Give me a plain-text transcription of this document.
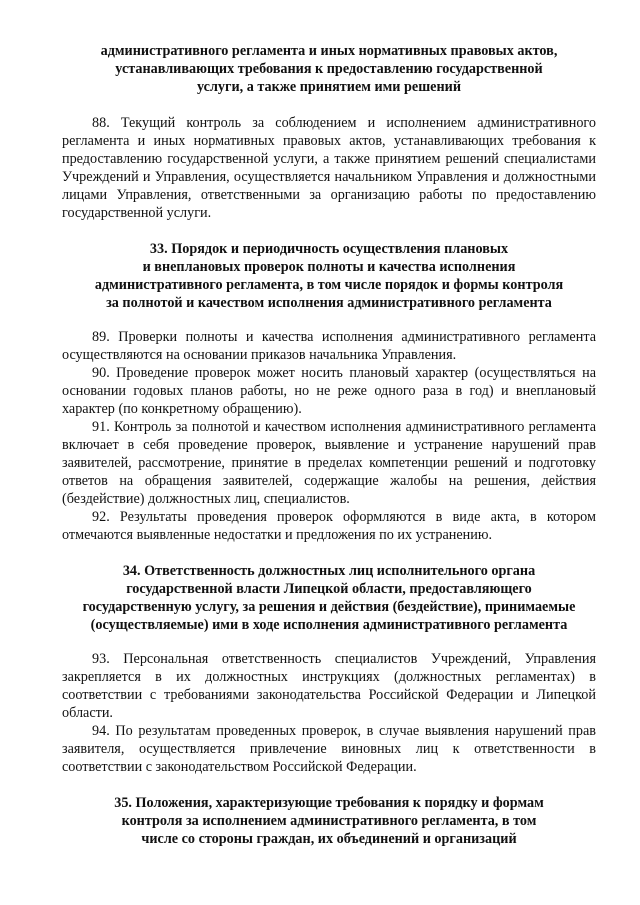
административного регламента и иных нормативных правовых актов,
устанавливающих требования к предоставлению государственной
услуги, а также принятием ими решений

88. Текущий контроль за соблюдением и исполнением административного регламента и иных нормативных правовых актов, устанавливающих требования к предоставлению государственной услуги, а также принятием решений специалистами Учреждений и Управления, осуществляется начальником Управления и должностными лицами Управления, ответственными за организацию работы по предоставлению государственной услуги.

33. Порядок и периодичность осуществления плановых
и внеплановых проверок полноты и качества исполнения
административного регламента, в том числе порядок и формы контроля
за полнотой и качеством исполнения административного регламента

89. Проверки полноты и качества исполнения административного регламента осуществляются на основании приказов начальника Управления.

90. Проведение проверок может носить плановый характер (осуществляться на основании годовых планов работы, но не реже одного раза в год) и внеплановый характер (по конкретному обращению).

91. Контроль за полнотой и качеством исполнения административного регламента включает в себя проведение проверок, выявление и устранение нарушений прав заявителей, рассмотрение, принятие в пределах компетенции решений и подготовку ответов на обращения заявителей, содержащие жалобы на решения, действия (бездействие) должностных лиц, специалистов.

92. Результаты проведения проверок оформляются в виде акта, в котором отмечаются выявленные недостатки и предложения по их устранению.

34. Ответственность должностных лиц исполнительного органа
государственной власти Липецкой области, предоставляющего
государственную услугу, за решения и действия (бездействие), принимаемые
(осуществляемые) ими в ходе исполнения административного регламента

93. Персональная ответственность специалистов Учреждений, Управления закрепляется в их должностных инструкциях (должностных регламентах) в соответствии с требованиями законодательства Российской Федерации и Липецкой области.

94. По результатам проведенных проверок, в случае выявления нарушений прав заявителя, осуществляется привлечение виновных лиц к ответственности в соответствии с законодательством Российской Федерации.

35. Положения, характеризующие требования к порядку и формам
контроля за исполнением административного регламента, в том
числе со стороны граждан, их объединений и организаций
